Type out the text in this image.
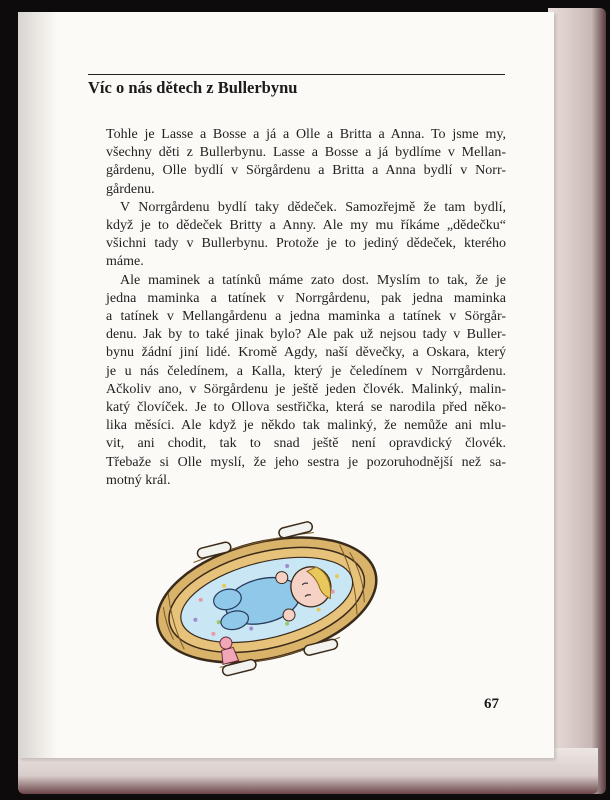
Víc o nás dětech z Bullerbynu
Tohle je Lasse a Bosse a já a Olle a Britta a Anna. To jsme my,
všechny děti z Bullerbynu. Lasse a Bosse a já bydlíme v Mellan-
gårdenu, Olle bydlí v Sörgårdenu a Britta a Anna bydlí v Norr-
gårdenu.
V Norrgårdenu bydlí taky dědeček. Samozřejmě že tam bydlí,
když je to dědeček Britty a Anny. Ale my mu říkáme „dědečku“
všichni tady v Bullerbynu. Protože je to jediný dědeček, kterého
máme.
Ale maminek a tatínků máme zato dost. Myslím to tak, že je
jedna maminka a tatínek v Norrgårdenu, pak jedna maminka
a tatínek v Mellangårdenu a jedna maminka a tatínek v Sörgår-
denu. Jak by to také jinak bylo? Ale pak už nejsou tady v Buller-
bynu žádní jiní lidé. Kromě Agdy, naší děvečky, a Oskara, který
je u nás čeledínem, a Kalla, který je čeledínem v Norrgårdenu.
Ačkoliv ano, v Sörgårdenu je ještě jeden človék. Malinký, malin-
katý človíček. Je to Ollova sestřička, která se narodila před něko-
lika měsíci. Ale když je někdo tak malinký, že nemůže ani mlu-
vit, ani chodit, tak to snad ještě není opravdický človék.
Třebaže si Olle myslí, že jeho sestra je pozoruhodnější než sa-
motný král.
67
